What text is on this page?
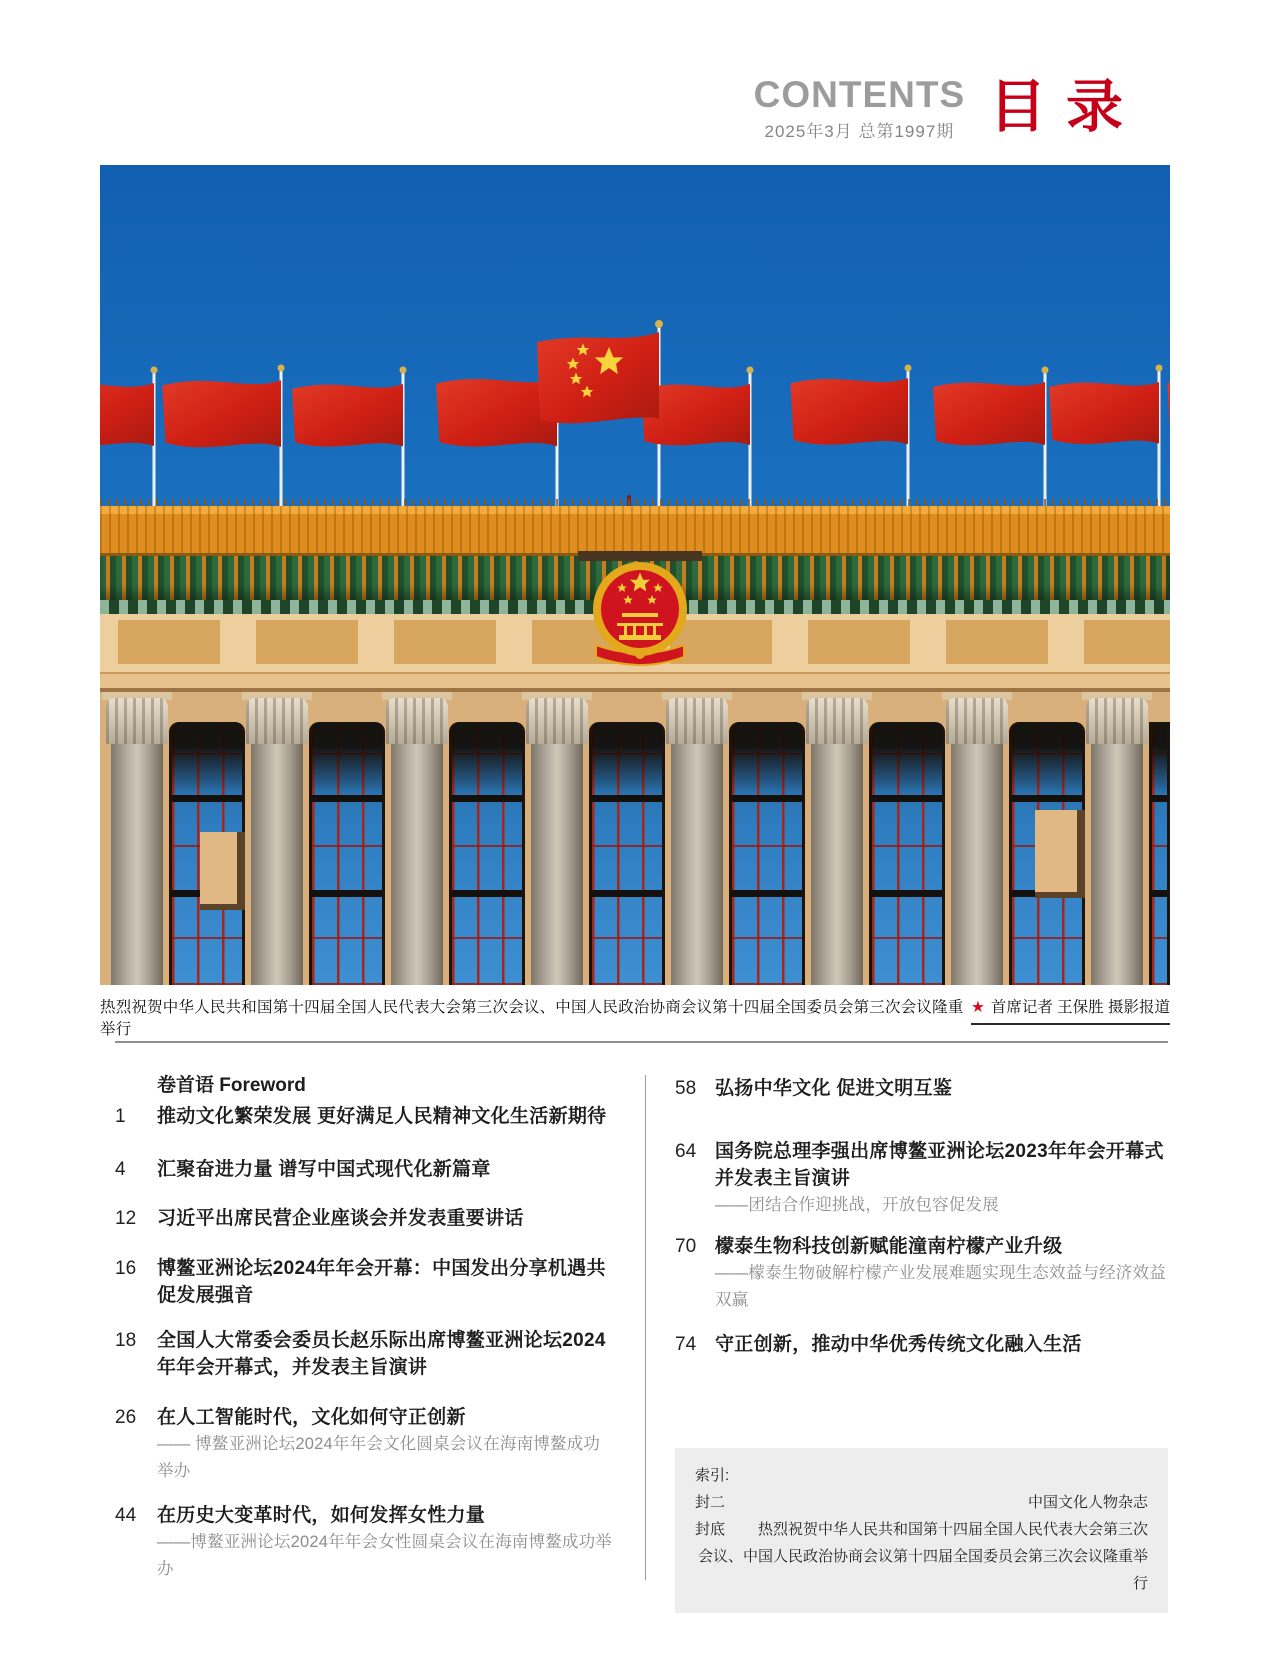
CONTENTS
2025年3月 总第1997期 目 录
热烈祝贺中华人民共和国第十四届全国人民代表大会第三次会议、中国人民政治协商会议第十四届全国委员会第三次会议隆重举行
★ 首席记者 王保胜 摄影报道
卷首语 Foreword
1	推动文化繁荣发展 更好满足人民精神文化生活新期待
4	汇聚奋进力量 谱写中国式现代化新篇章
12	习近平出席民营企业座谈会并发表重要讲话
16	博鳌亚洲论坛2024年年会开幕：中国发出分享机遇共促发展强音
18	全国人大常委会委员长赵乐际出席博鳌亚洲论坛2024年年会开幕式，并发表主旨演讲
26	在人工智能时代，文化如何守正创新
—— 博鳌亚洲论坛2024年年会文化圆桌会议在海南博鳌成功举办
44	在历史大变革时代，如何发挥女性力量
——博鳌亚洲论坛2024年年会女性圆桌会议在海南博鳌成功举办
58 弘扬中华文化 促进文明互鉴
64 国务院总理李强出席博鳌亚洲论坛2023年年会开幕式并发表主旨演讲
——团结合作迎挑战，开放包容促发展
70 檬泰生物科技创新赋能潼南柠檬产业升级
——檬泰生物破解柠檬产业发展难题实现生态效益与经济效益双赢
74 守正创新，推动中华优秀传统文化融入生活
索引:
封二	中国文化人物杂志
封底	热烈祝贺中华人民共和国第十四届全国人民代表大会第三次会议、中国人民政治协商会议第十四届全国委员会第三次会议隆重举行
